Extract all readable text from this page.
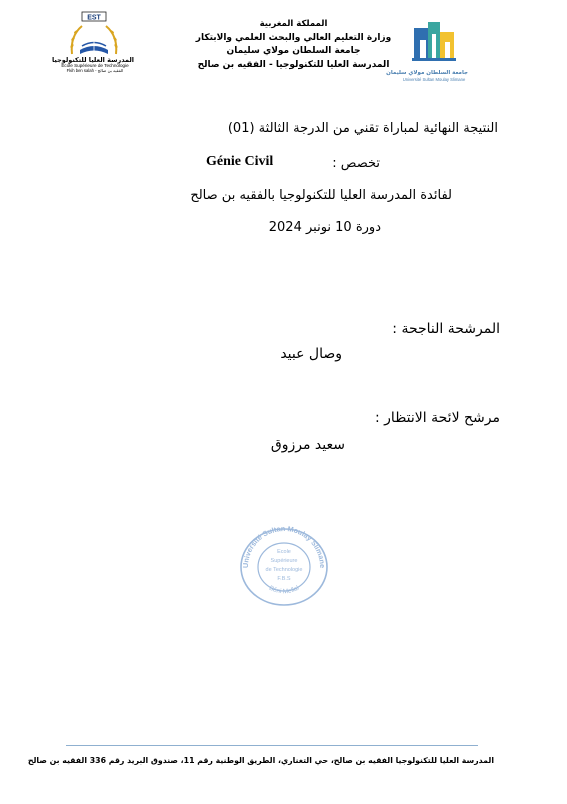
المملكة المغربية
وزارة التعليم العالي والبحث العلمي والابتكار
جامعة السلطان مولاي سليمان
المدرسة العليا للتكنولوجيا - الفقيه بن صالح
EST
المدرسة العليا للتكنولوجيا
Ecole Supérieure de Technologie
Fkih ben salah - الفقيه بن صالح	جامعة السلطان مولاي سليمان
Université Sultan Moulay Slimane
النتيجة النهائية لمباراة تقني من الدرجة الثالثة (01)
تخصص :
Génie Civil
لفائدة المدرسة العليا للتكنولوجيا بالفقيه بن صالح
دورة 10 نونبر 2024
المرشحة الناجحة :
وصال عبيد
مرشح لائحة الانتظار :
سعيد مرزوق
Université Sultan Moulay Slimane
Béni Mellal
Ecole
Supérieure
de Technologie
F.B.S
المدرسة العليا للتكنولوجيا الفقيه بن صالح، حي التغناري، الطريق الوطنية رقم 11، صندوق البريد رقم 336 الفقيه بن صالح
